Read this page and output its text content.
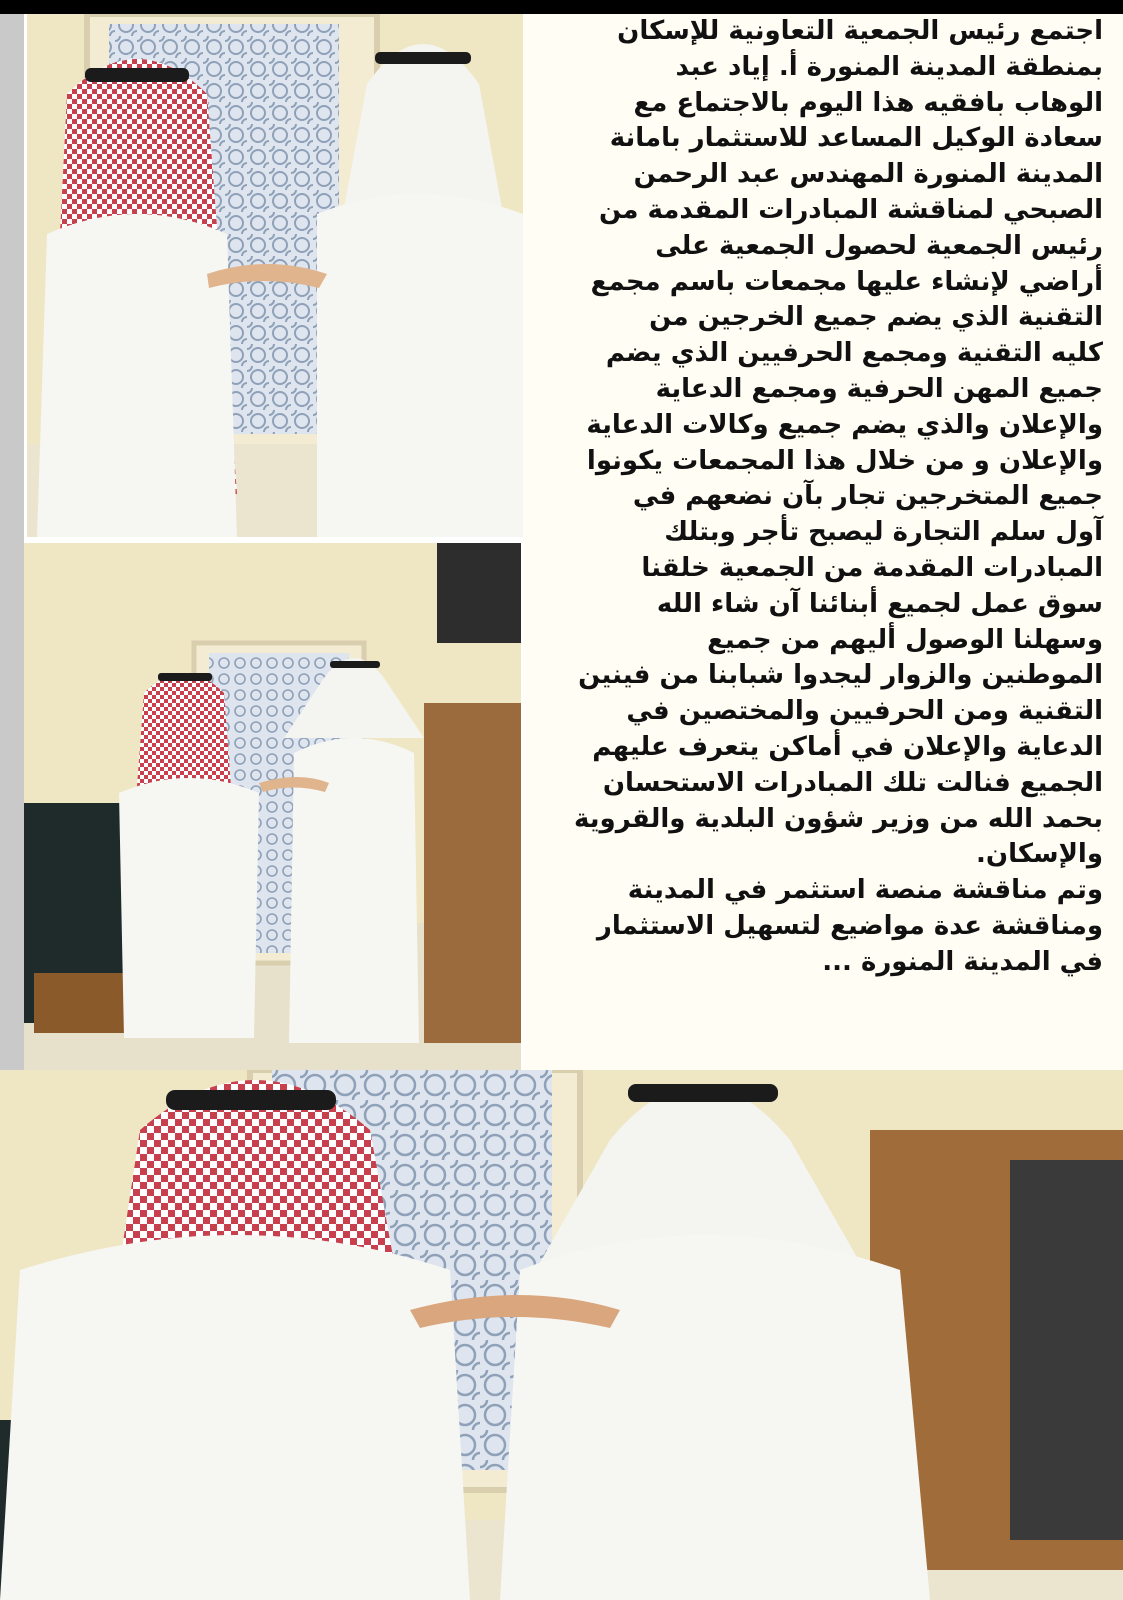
اجتمع رئيس الجمعية التعاونية للإسكان
بمنطقة المدينة المنورة أ. إياد عبد
الوهاب بافقيه هذا اليوم بالاجتماع مع
سعادة الوكيل المساعد للاستثمار بامانة
المدينة المنورة المهندس عبد الرحمن
الصبحي لمناقشة المبادرات المقدمة من
رئيس الجمعية لحصول الجمعية على
أراضي لإنشاء عليها مجمعات باسم مجمع
التقنية الذي يضم جميع الخرجين من
كليه التقنية ومجمع الحرفيين الذي يضم
جميع المهن الحرفية ومجمع الدعاية
والإعلان والذي يضم جميع وكالات الدعاية
والإعلان و من خلال هذا المجمعات يكونوا
جميع المتخرجين تجار بآن نضعهم في
آول سلم التجارة ليصبح تأجر وبتلك
المبادرات المقدمة من الجمعية خلقنا
سوق عمل لجميع أبنائنا آن شاء الله
وسهلنا الوصول أليهم من جميع
الموطنين والزوار ليجدوا شبابنا من فينين
التقنية ومن الحرفيين والمختصين في
الدعاية والإعلان في أماكن يتعرف عليهم
الجميع فنالت تلك المبادرات الاستحسان
بحمد الله من وزير شؤون البلدية والقروية
والإسكان.
وتم مناقشة منصة استثمر في المدينة
ومناقشة عدة مواضيع لتسهيل الاستثمار
في المدينة المنورة ...
